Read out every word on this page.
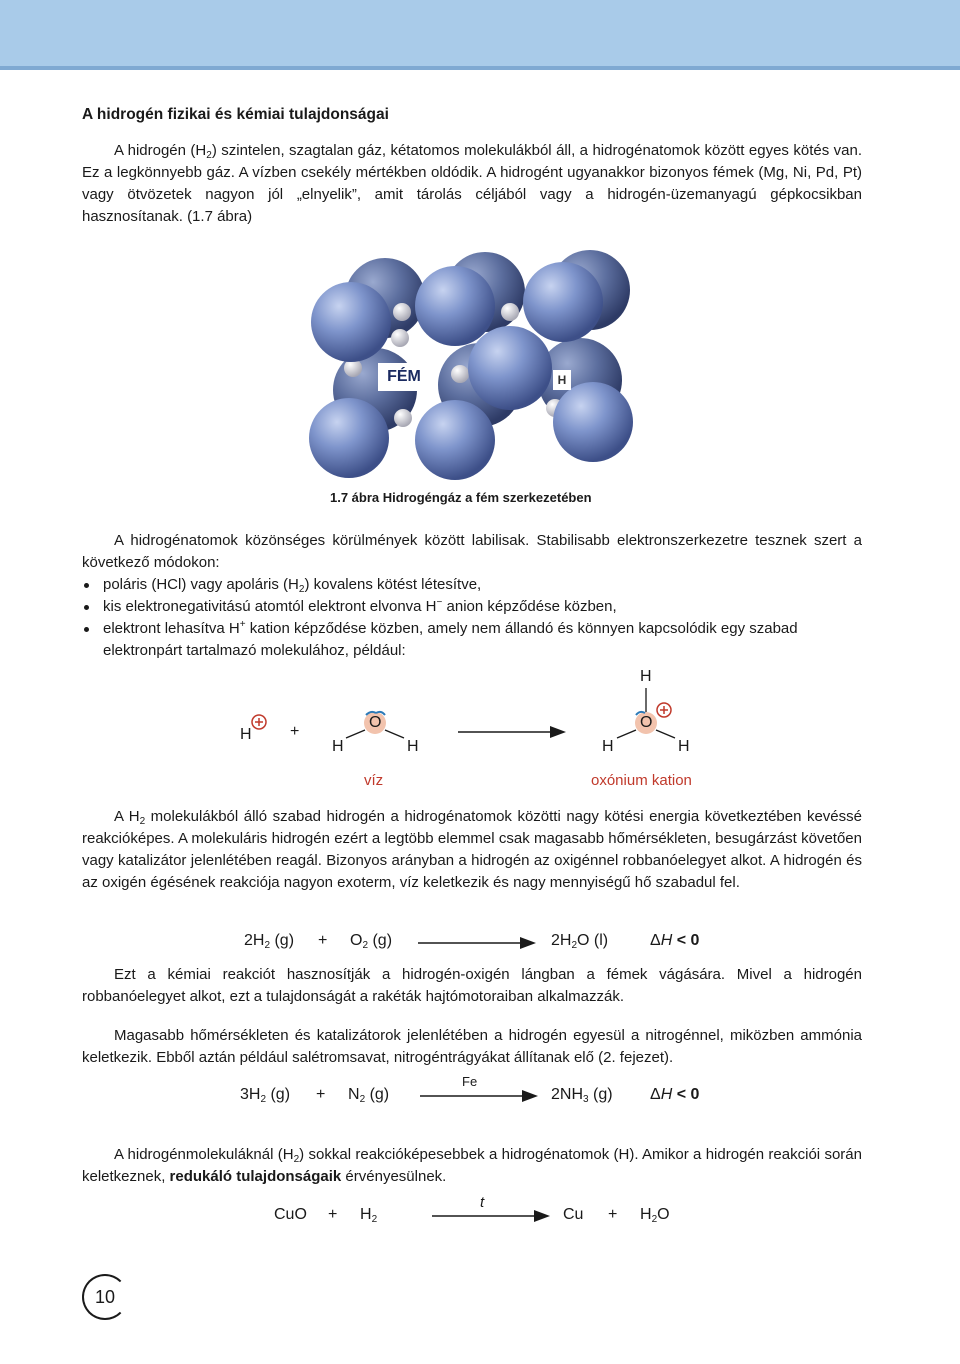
A hidrogén fizikai és kémiai tulajdonságai

A hidrogén $(H_2)$ szintelen, szagtalan gáz, kétatomos molekulákból áll, a hidrogénatomok között egyes kötés van. Ez a legkönnyebb gáz. A vízben csekély mértékben oldódik. A hidrogént ugyanakkor bizonyos fémek (Mg, Ni, Pd, Pt) vagy ötvözetek nagyon jól „elnyelik”, amit tárolás céljából vagy a hidrogén-üzemanyagú gépkocsikban hasznosítanak. (1.7 ábra)

FÉM	H

1.7 ábra Hidrogéngáz a fém szerkezetében

A hidrogénatomok közönséges körülmények között labilisak. Stabilisabb elektronszerkezetre tesznek szert a következő módokon:

poláris (HCl) vagy apoláris $(H_2)$ kovalens kötést létesítve,
kis elektronegativitású atomtól elektront elvonva H− anion képződése közben,
elektront lehasítva H+ kation képződése közben, amely nem állandó és könnyen kapcsolódik egy szabad elektronpárt tartalmazó molekulához, például:
H +
O
H	H
H
O
H	H
víz	oxónium kation

A $H_2$ molekulákból álló szabad hidrogén a hidrogénatomok közötti nagy kötési energia következtében kevéssé reakcióképes. A molekuláris hidrogén ezért a legtöbb elemmel csak magasabb hőmérsékleten, besugárzást követően vagy katalizátor jelenlétében reagál. Bizonyos arányban a hidrogén az oxigénnel robbanóelegyet alkot. A hidrogén és az oxigén égésének reakciója nagyon exoterm, víz keletkezik és nagy mennyiségű hő szabadul fel.

$2H_2$ $(g) + O_2$ (g)	$2H_2O$ (l)	ΔH < 0

Ezt a kémiai reakciót hasznosítják a hidrogén-oxigén lángban a fémek vágására. Mivel a hidrogén robbanóelegyet alkot, ezt a tulajdonságát a rakéták hajtómotoraiban alkalmazzák.

Magasabb hőmérsékleten és katalizátorok jelenlétében a hidrogén egyesül a nitrogénnel, miközben ammónia keletkezik. Ebből aztán például salétromsavat, nitrogéntrágyákat állítanak elő (2. fejezet).

Fe
$3H_2$ $(g) + N_2$ (g)	$2NH_3$ (g) ΔH < 0

A hidrogénmolekuláknál $(H_2)$ sokkal reakcióképesebbek a hidrogénatomok (H). Amikor a hidrogén reakciói során keletkeznek, redukáló tulajdonságaik érvényesülnek.

t
CuO + $H_2$	$Cu + H_2O$
10
